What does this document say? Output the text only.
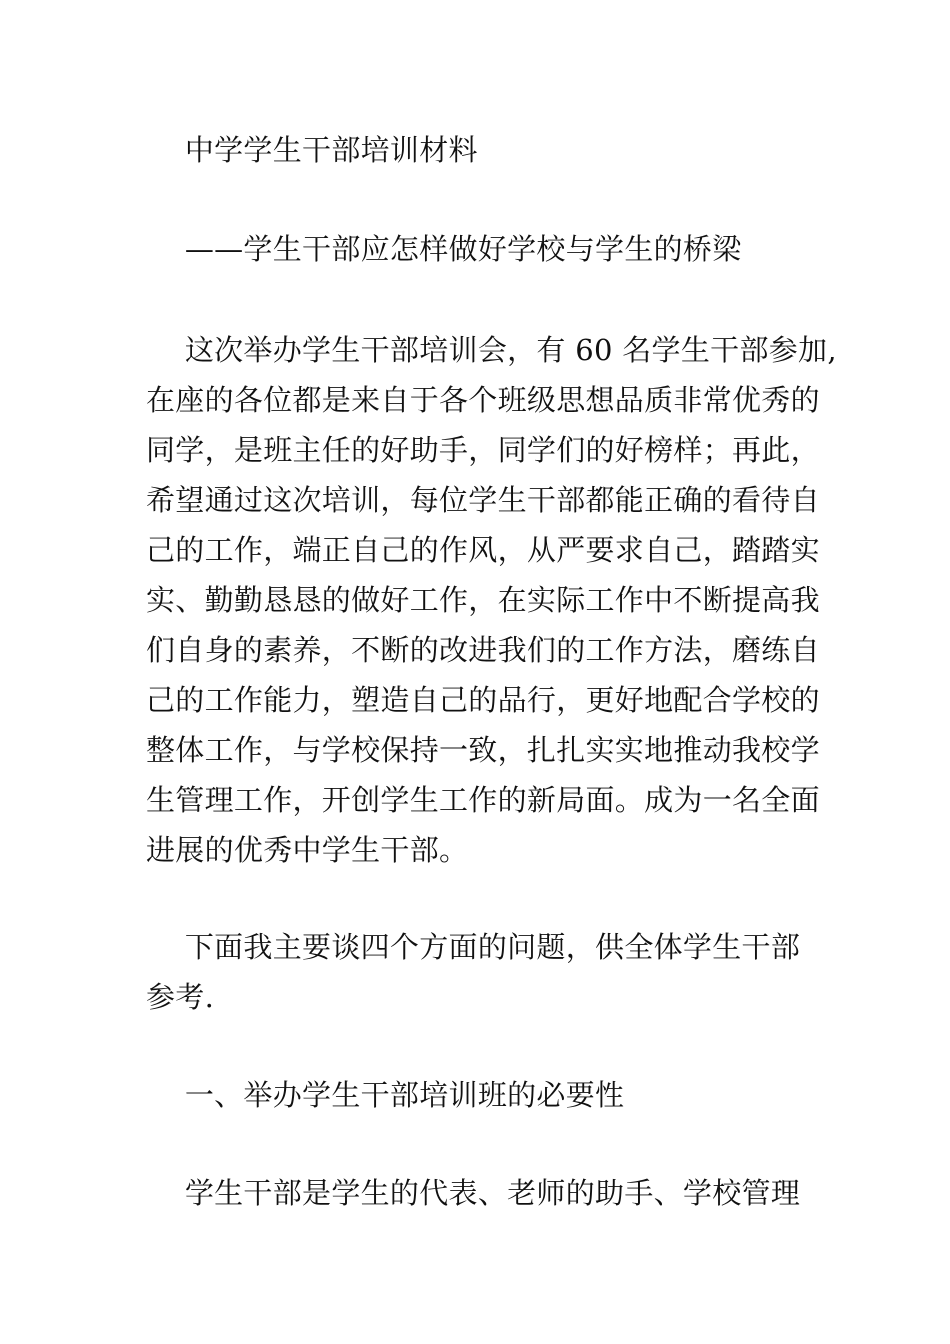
　 中学学生干部培训材料
　 ——学生干部应怎样做好学校与学生的桥梁
　 这次举办学生干部培训会，有 60 名学生干部参加,
在座的各位都是来自于各个班级思想品质非常优秀的
同学，是班主任的好助手，同学们的好榜样；再此，
希望通过这次培训，每位学生干部都能正确的看待自
己的工作，端正自己的作风，从严要求自己，踏踏实
实、勤勤恳恳的做好工作，在实际工作中不断提高我
们自身的素养，不断的改进我们的工作方法，磨练自
己的工作能力，塑造自己的品行，更好地配合学校的
整体工作，与学校保持一致，扎扎实实地推动我校学
生管理工作，开创学生工作的新局面。成为一名全面
进展的优秀中学生干部。
　 下面我主要谈四个方面的问题，供全体学生干部
参考.
　 一、举办学生干部培训班的必要性
　 学生干部是学生的代表、老师的助手、学校管理
